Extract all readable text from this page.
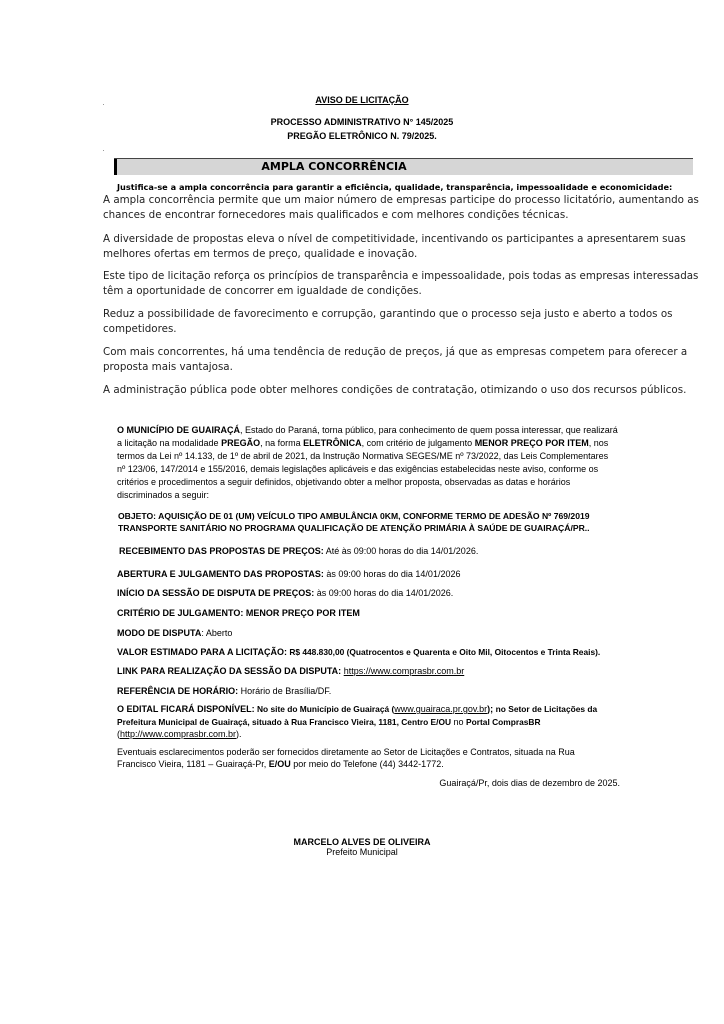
AVISO DE LICITAÇÃO
PROCESSO ADMINISTRATIVO N° 145/2025
PREGÃO ELETRÔNICO N. 79/2025.
AMPLA CONCORRÊNCIA
Justifica-se a ampla concorrência para garantir a eficiência, qualidade, transparência, impessoalidade e economicidade:
A ampla concorrência permite que um maior número de empresas participe do processo licitatório, aumentando as
chances de encontrar fornecedores mais qualificados e com melhores condições técnicas.
A diversidade de propostas eleva o nível de competitividade, incentivando os participantes a apresentarem suas
melhores ofertas em termos de preço, qualidade e inovação.
Este tipo de licitação reforça os princípios de transparência e impessoalidade, pois todas as empresas interessadas
têm a oportunidade de concorrer em igualdade de condições.
Reduz a possibilidade de favorecimento e corrupção, garantindo que o processo seja justo e aberto a todos os
competidores.
Com mais concorrentes, há uma tendência de redução de preços, já que as empresas competem para oferecer a
proposta mais vantajosa.
A administração pública pode obter melhores condições de contratação, otimizando o uso dos recursos públicos.
O MUNICÍPIO DE GUAIRAÇÁ, Estado do Paraná, torna público, para conhecimento de quem possa interessar, que realizará
a licitação na modalidade PREGÃO, na forma ELETRÔNICA, com critério de julgamento MENOR PREÇO POR ITEM, nos
termos da Lei nº 14.133, de 1º de abril de 2021, da Instrução Normativa SEGES/ME nº 73/2022, das Leis Complementares
nº 123/06, 147/2014 e 155/2016, demais legislações aplicáveis e das exigências estabelecidas neste aviso, conforme os
critérios e procedimentos a seguir definidos, objetivando obter a melhor proposta, observadas as datas e horários
discriminados a seguir:
OBJETO: AQUISIÇÃO DE 01 (UM) VEÍCULO TIPO AMBULÂNCIA 0KM, CONFORME TERMO DE ADESÃO Nº 769/2019
TRANSPORTE SANITÁRIO NO PROGRAMA QUALIFICAÇÃO DE ATENÇÃO PRIMÁRIA À SAÚDE DE GUAIRAÇÁ/PR..
RECEBIMENTO DAS PROPOSTAS DE PREÇOS: Até às 09:00 horas do dia 14/01/2026.
ABERTURA E JULGAMENTO DAS PROPOSTAS: às 09:00 horas do dia 14/01/2026
INÍCIO DA SESSÃO DE DISPUTA DE PREÇOS: às 09:00 horas do dia 14/01/2026.
CRITÉRIO DE JULGAMENTO: MENOR PREÇO POR ITEM
MODO DE DISPUTA: Aberto
VALOR ESTIMADO PARA A LICITAÇÃO: R$ 448.830,00 (Quatrocentos e Quarenta e Oito Mil, Oitocentos e Trinta Reais).
LINK PARA REALIZAÇÃO DA SESSÃO DA DISPUTA: https://www.comprasbr.com.br
REFERÊNCIA DE HORÁRIO: Horário de Brasília/DF.
O EDITAL FICARÁ DISPONÍVEL: No site do Município de Guairaçá (www.guairaca.pr.gov.br); no Setor de Licitações da
Prefeitura Municipal de Guairaçá, situado à Rua Francisco Vieira, 1181, Centro E/OU no Portal ComprasBR
(http://www.comprasbr.com.br).
Eventuais esclarecimentos poderão ser fornecidos diretamente ao Setor de Licitações e Contratos, situada na Rua
Francisco Vieira, 1181 – Guairaçá-Pr, E/OU por meio do Telefone (44) 3442-1772.
Guairaçá/Pr, dois dias de dezembro de 2025.
MARCELO ALVES DE OLIVEIRA
Prefeito Municipal
